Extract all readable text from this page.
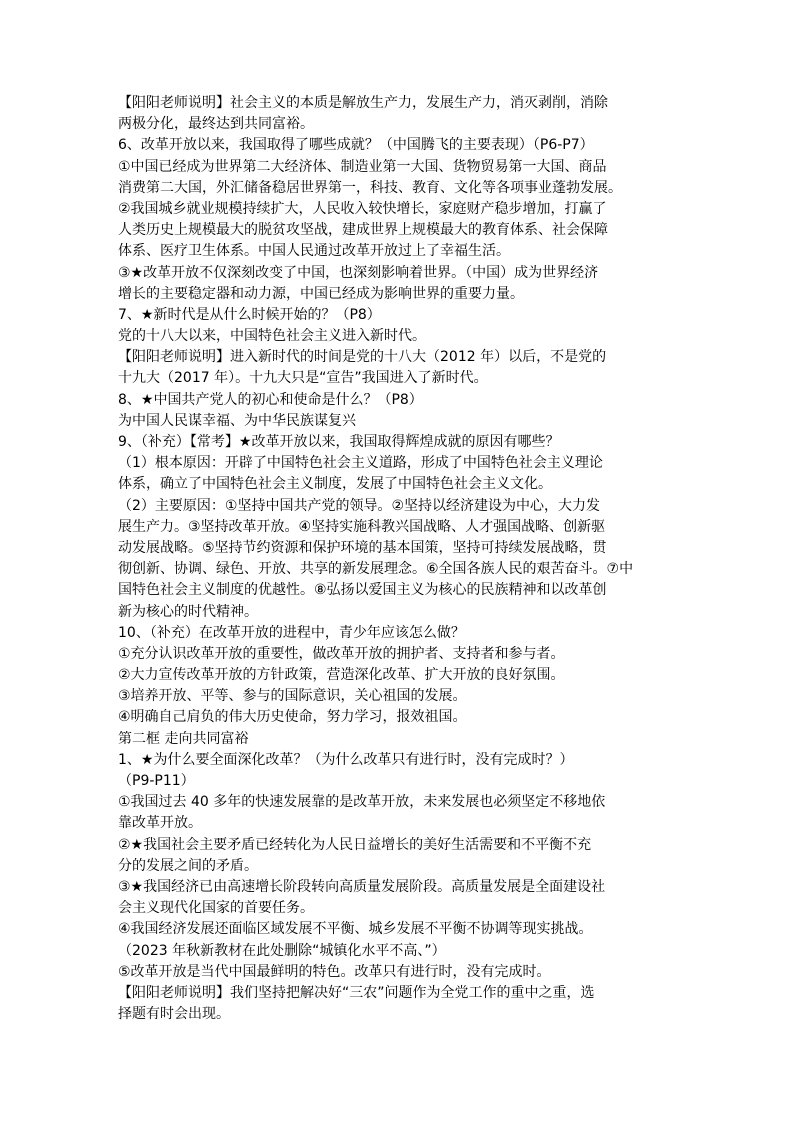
【阳阳老师说明】社会主义的本质是解放生产力，发展生产力，消灭剥削，消除
两极分化，最终达到共同富裕。
6、改革开放以来，我国取得了哪些成就？（中国腾飞的主要表现）（P6-P7）
①中国已经成为世界第二大经济体、制造业第一大国、货物贸易第一大国、商品
消费第二大国，外汇储备稳居世界第一，科技、教育、文化等各项事业蓬勃发展。
②我国城乡就业规模持续扩大，人民收入较快增长，家庭财产稳步增加，打赢了
人类历史上规模最大的脱贫攻坚战，建成世界上规模最大的教育体系、社会保障
体系、医疗卫生体系。中国人民通过改革开放过上了幸福生活。
③★改革开放不仅深刻改变了中国，也深刻影响着世界。（中国）成为世界经济
增长的主要稳定器和动力源，中国已经成为影响世界的重要力量。
7、★新时代是从什么时候开始的？（P8）
党的十八大以来，中国特色社会主义进入新时代。
【阳阳老师说明】进入新时代的时间是党的十八大（2012 年）以后，不是党的
十九大（2017 年）。十九大只是“宣告”我国进入了新时代。
8、★中国共产党人的初心和使命是什么？（P8）
为中国人民谋幸福、为中华民族谋复兴
9、（补充）【常考】★改革开放以来，我国取得辉煌成就的原因有哪些？
（1）根本原因：开辟了中国特色社会主义道路，形成了中国特色社会主义理论
体系，确立了中国特色社会主义制度，发展了中国特色社会主义文化。
（2）主要原因：①坚持中国共产党的领导。②坚持以经济建设为中心，大力发
展生产力。③坚持改革开放。④坚持实施科教兴国战略、人才强国战略、创新驱
动发展战略。⑤坚持节约资源和保护环境的基本国策，坚持可持续发展战略，贯
彻创新、协调、绿色、开放、共享的新发展理念。⑥全国各族人民的艰苦奋斗。⑦中
国特色社会主义制度的优越性。⑧弘扬以爱国主义为核心的民族精神和以改革创
新为核心的时代精神。
10、（补充）在改革开放的进程中，青少年应该怎么做？
①充分认识改革开放的重要性，做改革开放的拥护者、支持者和参与者。
②大力宣传改革开放的方针政策，营造深化改革、扩大开放的良好氛围。
③培养开放、平等、参与的国际意识，关心祖国的发展。
④明确自己肩负的伟大历史使命，努力学习，报效祖国。
第二框 走向共同富裕
1、★为什么要全面深化改革？（为什么改革只有进行时，没有完成时？）
（P9-P11）
①我国过去 40 多年的快速发展靠的是改革开放，未来发展也必须坚定不移地依
靠改革开放。
②★我国社会主要矛盾已经转化为人民日益增长的美好生活需要和不平衡不充
分的发展之间的矛盾。
③★我国经济已由高速增长阶段转向高质量发展阶段。高质量发展是全面建设社
会主义现代化国家的首要任务。
④我国经济发展还面临区域发展不平衡、城乡发展不平衡不协调等现实挑战。
（2023 年秋新教材在此处删除“城镇化水平不高、”）
⑤改革开放是当代中国最鲜明的特色。改革只有进行时，没有完成时。
【阳阳老师说明】我们坚持把解决好“三农”问题作为全党工作的重中之重，选
择题有时会出现。
